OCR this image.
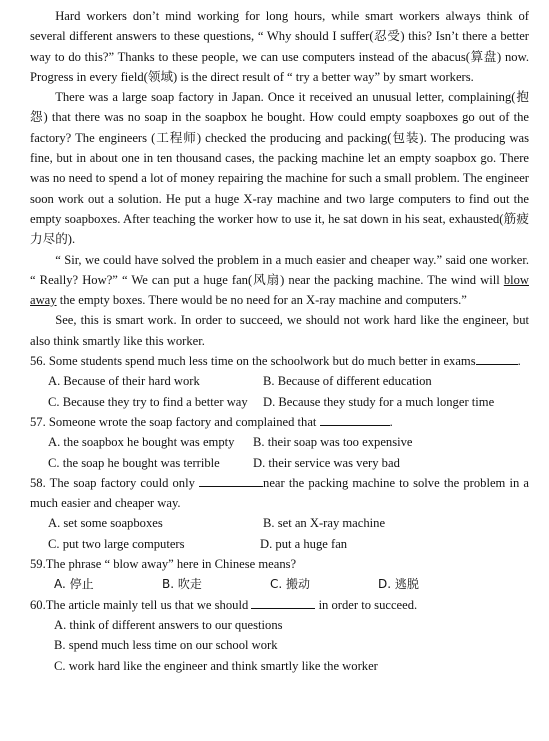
Hard workers don’t mind working for long hours, while smart workers always think of several different answers to these questions, “ Why should I suffer(忍受) this? Isn’t there a better way to do this?” Thanks to these people, we can use computers instead of the abacus(算盘) now. Progress in every field(领域) is the direct result of “ try a better way” by smart workers.

There was a large soap factory in Japan. Once it received an unusual letter, complaining(抱怨) that there was no soap in the soapbox he bought. How could empty soapboxes go out of the factory? The engineers (工程师) checked the producing and packing(包装). The producing was fine, but in about one in ten thousand cases, the packing machine let an empty soapbox go. There was no need to spend a lot of money repairing the machine for such a small problem. The engineer soon work out a solution. He put a huge X-ray machine and two large computers to find out the empty soapboxes. After teaching the worker how to use it, he sat down in his seat, exhausted(筋疲力尽的).

“ Sir, we could have solved the problem in a much easier and cheaper way.” said one worker. “ Really? How?” “ We can put a huge fan(风扇) near the packing machine. The wind will blow away the empty boxes. There would be no need for an X-ray machine and computers.”

See, this is smart work. In order to succeed, we should not work hard like the engineer, but also think smartly like this worker.

56. Some students spend much less time on the schoolwork but do much better in exams	.

A. Because of their hard work	B. Because of different education
C. Because they try to find a better way	D. Because they study for a much longer time

57. Someone wrote the soap factory and complained that	.

A. the soapbox he bought was empty	B. their soap was too expensive
C. the soap he bought was terrible	D. their service was very bad

58. The soap factory could only	near the packing machine to solve the problem in a much easier and cheaper way.

A. set some soapboxes	B. set an X-ray machine
C. put two large computers	D. put a huge fan

59.The phrase “ blow away” here in Chinese means?

A. 停止	B. 吹走	C. 搬动	D. 逃脱

60.The article mainly tell us that we should	in order to succeed.

A. think of different answers to our questions
B. spend much less time on our school work
C. work hard like the engineer and think smartly like the worker
